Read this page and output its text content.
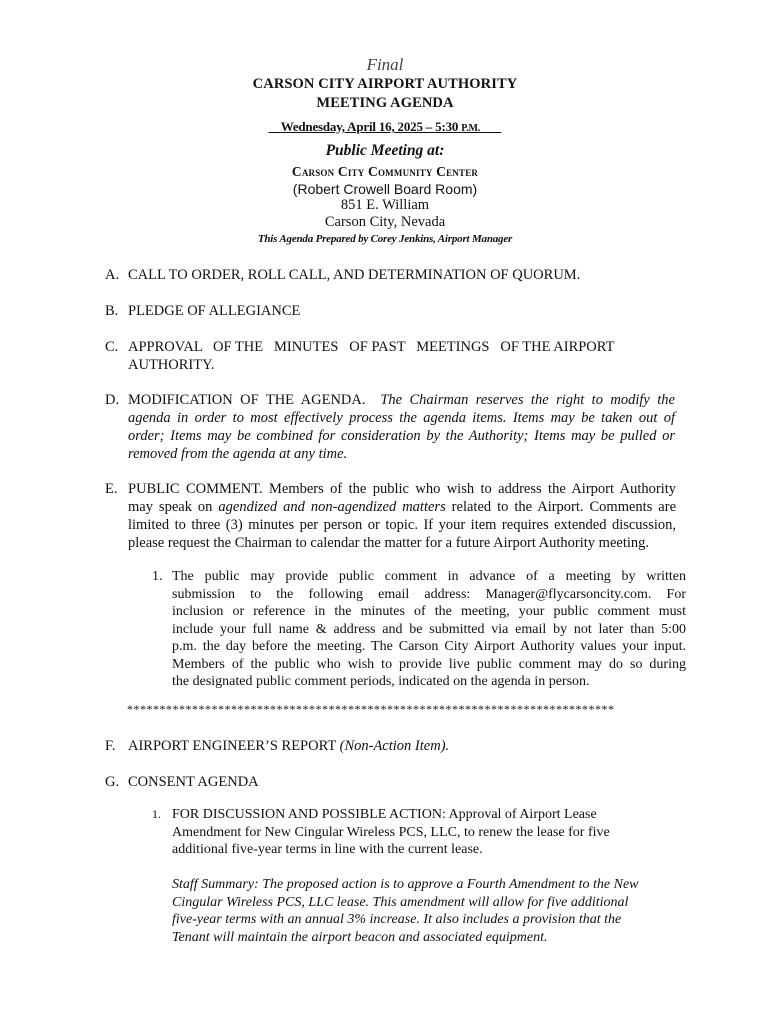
Final
CARSON CITY AIRPORT AUTHORITY
MEETING AGENDA
Wednesday, April 16, 2025 – 5:30 P.M.
Public Meeting at:
Carson City Community Center
(Robert Crowell Board Room)
851 E. William
Carson City, Nevada
This Agenda Prepared by Corey Jenkins, Airport Manager
A. CALL TO ORDER, ROLL CALL, AND DETERMINATION OF QUORUM.
B. PLEDGE OF ALLEGIANCE
C. APPROVAL   OF THE   MINUTES   OF PAST   MEETINGS   OF THE AIRPORT
AUTHORITY.
D. MODIFICATION OF THE AGENDA. The Chairman reserves the right to modify the
agenda in order to most effectively process the agenda items. Items may be taken out of
order; Items may be combined for consideration by the Authority; Items may be pulled or
removed from the agenda at any time.
E. PUBLIC COMMENT. Members of the public who wish to address the Airport Authority
may speak on agendized and non-agendized matters related to the Airport. Comments are
limited to three (3) minutes per person or topic. If your item requires extended discussion,
please request the Chairman to calendar the matter for a future Airport Authority meeting.
1. The public may provide public comment in advance of a meeting by written
submission to the following email address: Manager@flycarsoncity.com. For
inclusion or reference in the minutes of the meeting, your public comment must
include your full name & address and be submitted via email by not later than 5:00
p.m. the day before the meeting. The Carson City Airport Authority values your input.
Members of the public who wish to provide live public comment may do so during
the designated public comment periods, indicated on the agenda in person.
***************************************************************************
F. AIRPORT ENGINEER’S REPORT (Non-Action Item).
G. CONSENT AGENDA
1. FOR DISCUSSION AND POSSIBLE ACTION: Approval of Airport Lease
Amendment for New Cingular Wireless PCS, LLC, to renew the lease for five
additional five-year terms in line with the current lease.
Staff Summary: The proposed action is to approve a Fourth Amendment to the New
Cingular Wireless PCS, LLC lease. This amendment will allow for five additional
five-year terms with an annual 3% increase. It also includes a provision that the
Tenant will maintain the airport beacon and associated equipment.
